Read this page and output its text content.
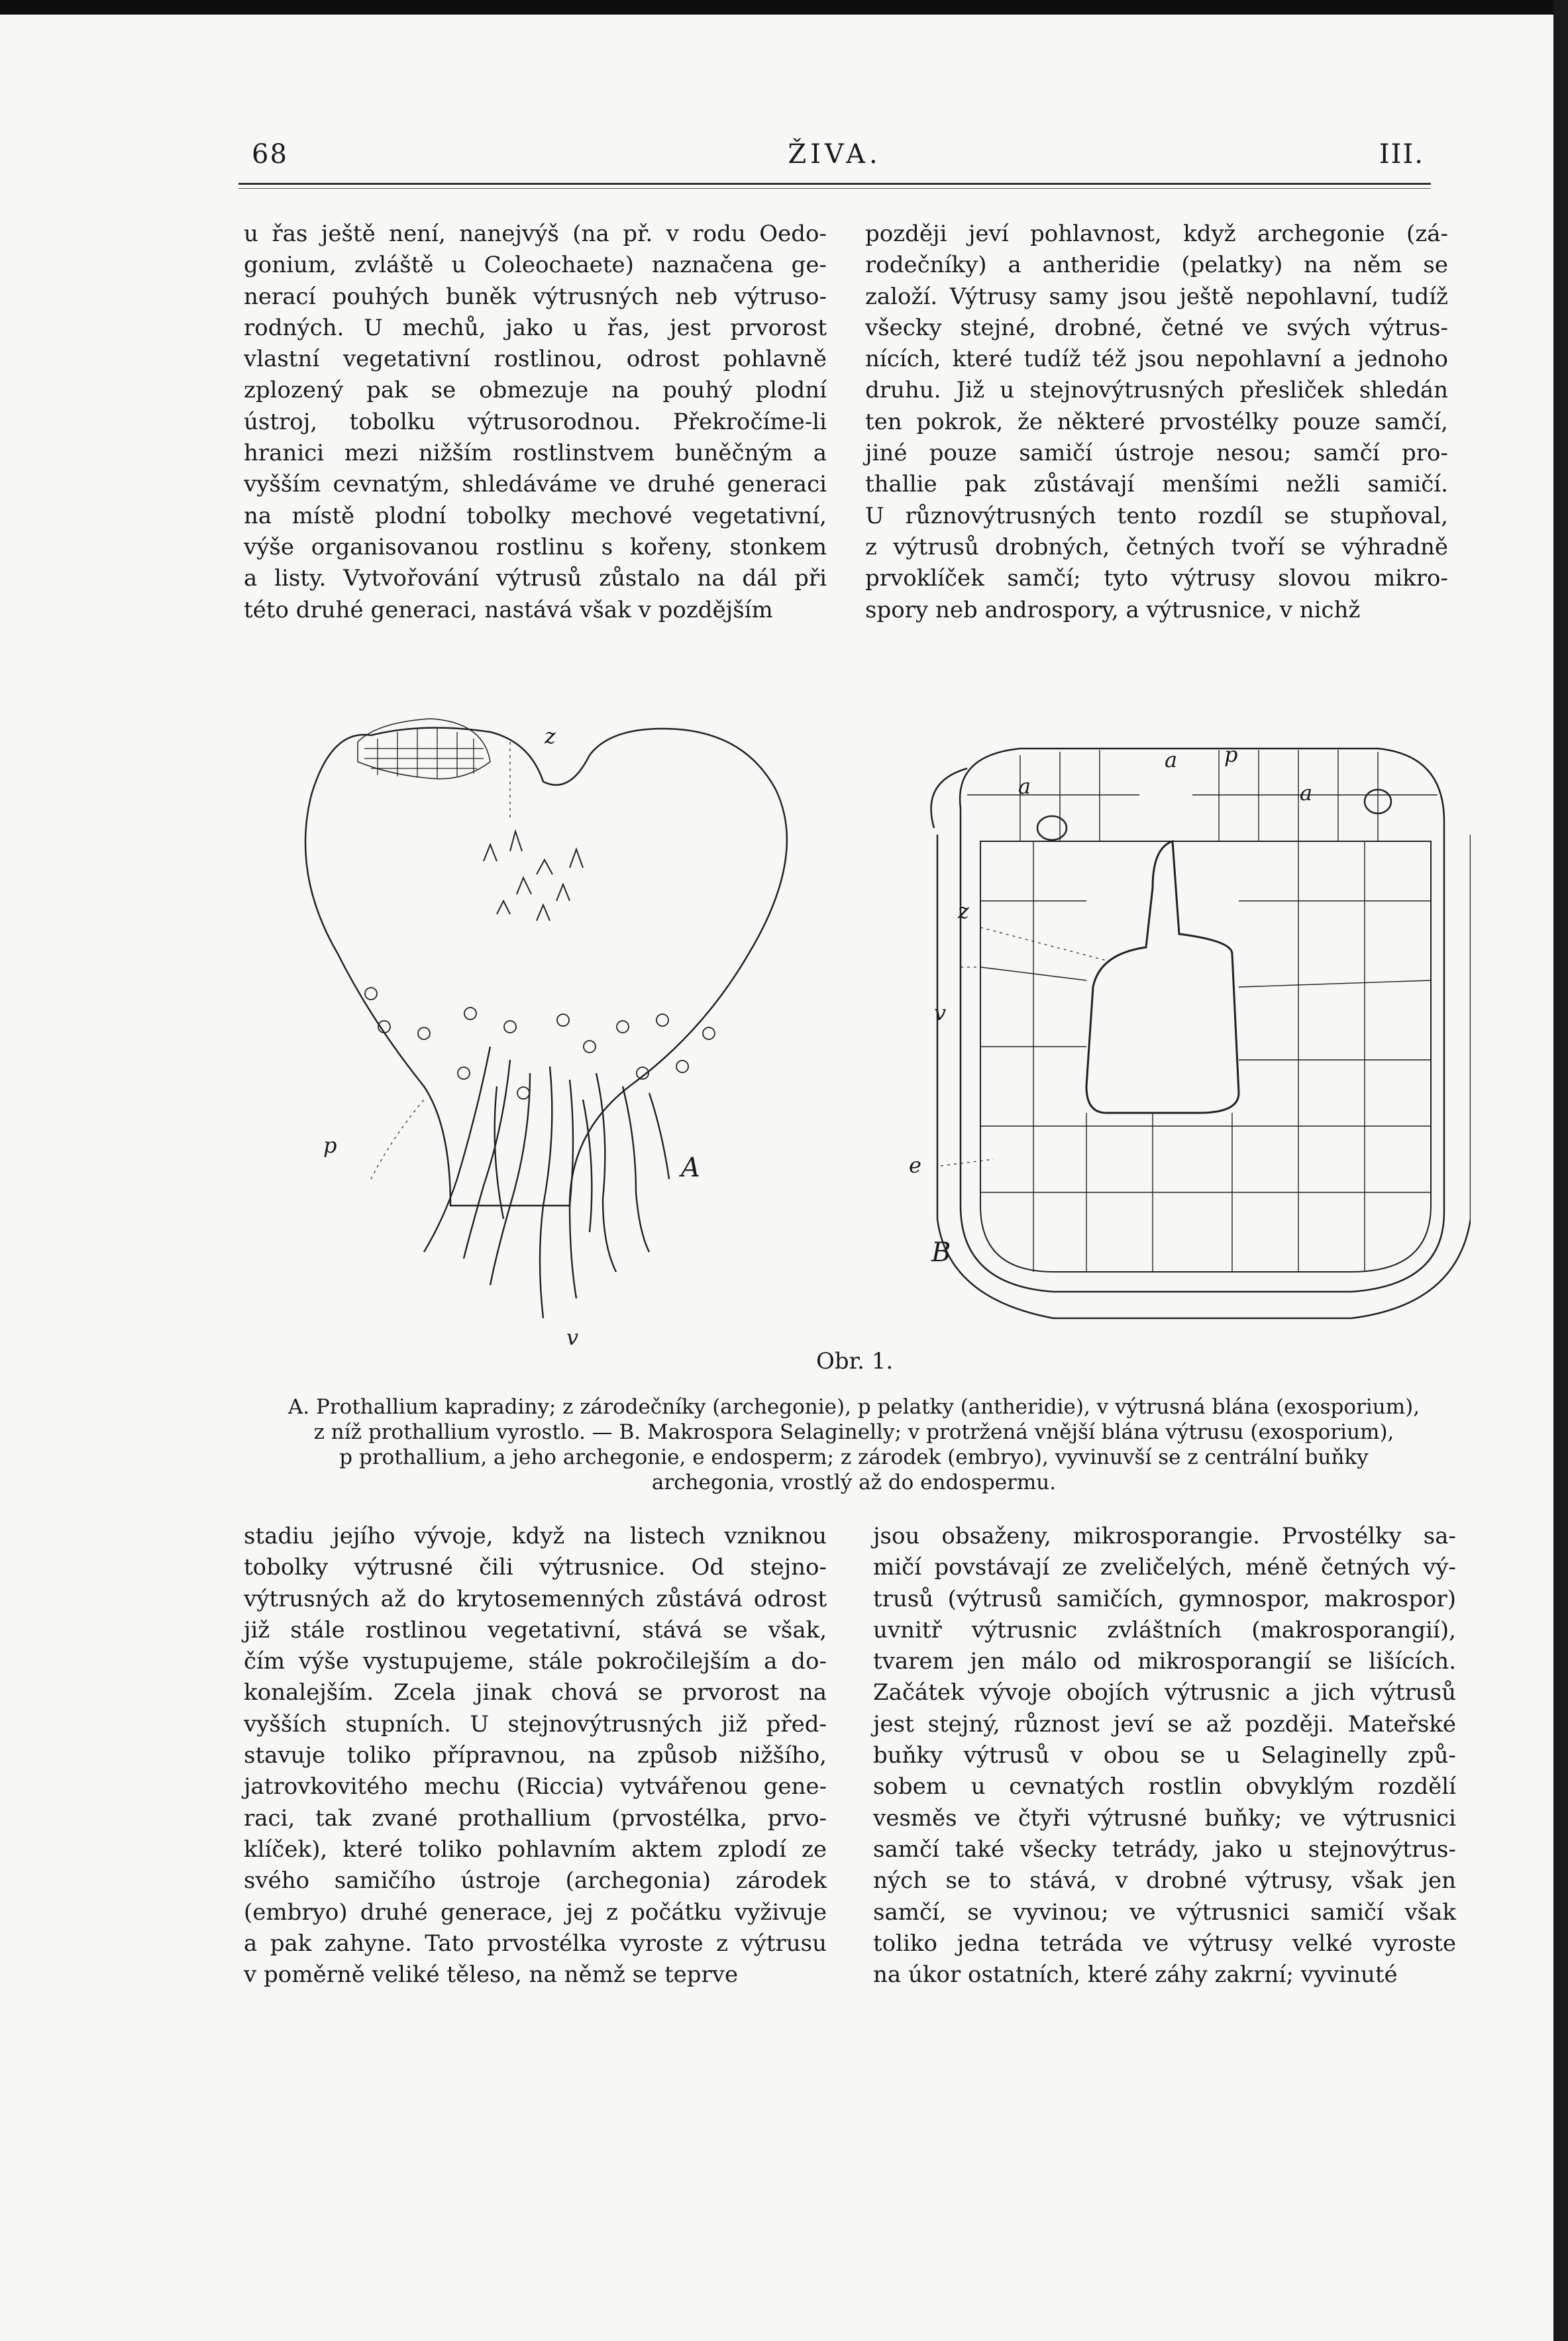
68	ŽIVA.	III.
u řas ještě není, nanejvýš (na př. v rodu Oedo-
gonium, zvláště u Coleochaete) naznačena ge-
nerací pouhých buněk výtrusných neb výtruso-
rodných. U mechů, jako u řas, jest prvorost
vlastní vegetativní rostlinou, odrost pohlavně
zplozený pak se obmezuje na pouhý plodní
ústroj, tobolku výtrusorodnou. Překročíme-li
hranici mezi nižším rostlinstvem buněčným a
vyšším cevnatým, shledáváme ve druhé generaci
na místě plodní tobolky mechové vegetativní,
výše organisovanou rostlinu s kořeny, stonkem
a listy. Vytvořování výtrusů zůstalo na dál při
této druhé generaci, nastává však v pozdějším
později jeví pohlavnost, když archegonie (zá-
rodečníky) a antheridie (pelatky) na něm se
založí. Výtrusy samy jsou ještě nepohlavní, tudíž
všecky stejné, drobné, četné ve svých výtrus-
nících, které tudíž též jsou nepohlavní a jednoho
druhu. Již u stejnovýtrusných přesliček shledán
ten pokrok, že některé prvostélky pouze samčí,
jiné pouze samičí ústroje nesou; samčí pro-
thallie pak zůstávají menšími nežli samičí.
U různovýtrusných tento rozdíl se stupňoval,
z výtrusů drobných, četných tvoří se výhradně
prvoklíček samčí; tyto výtrusy slovou mikro-
spory neb androspory, a výtrusnice, v nichž
A
B
z
v
p
a p
a	a
z
v
e
Obr. 1.
A. Prothallium kapradiny; z zárodečníky (archegonie), p pelatky (antheridie), v výtrusná blána (exosporium),
z níž prothallium vyrostlo. — B. Makrospora Selaginelly; v protržená vnější blána výtrusu (exosporium),
p prothallium, a jeho archegonie, e endosperm; z zárodek (embryo), vyvinuvší se z centrální buňky
archegonia, vrostlý až do endospermu.
stadiu jejího vývoje, když na listech vzniknou
tobolky výtrusné čili výtrusnice. Od stejno-
výtrusných až do krytosemenných zůstává odrost
již stále rostlinou vegetativní, stává se však,
čím výše vystupujeme, stále pokročilejším a do-
konalejším. Zcela jinak chová se prvorost na
vyšších stupních. U stejnovýtrusných již před-
stavuje toliko přípravnou, na způsob nižšího,
jatrovkovitého mechu (Riccia) vytvářenou gene-
raci, tak zvané prothallium (prvostélka, prvo-
klíček), které toliko pohlavním aktem zplodí ze
svého samičího ústroje (archegonia) zárodek
(embryo) druhé generace, jej z počátku vyživuje
a pak zahyne. Tato prvostélka vyroste z výtrusu
v poměrně veliké těleso, na němž se teprve
jsou obsaženy, mikrosporangie. Prvostélky sa-
mičí povstávají ze zveličelých, méně četných vý-
trusů (výtrusů samičích, gymnospor, makrospor)
uvnitř výtrusnic zvláštních (makrosporangií),
tvarem jen málo od mikrosporangií se lišících.
Začátek vývoje obojích výtrusnic a jich výtrusů
jest stejný, různost jeví se až později. Mateřské
buňky výtrusů v obou se u Selaginelly způ-
sobem u cevnatých rostlin obvyklým rozdělí
vesměs ve čtyři výtrusné buňky; ve výtrusnici
samčí také všecky tetrády, jako u stejnovýtrus-
ných se to stává, v drobné výtrusy, však jen
samčí, se vyvinou; ve výtrusnici samičí však
toliko jedna tetráda ve výtrusy velké vyroste
na úkor ostatních, které záhy zakrní; vyvinuté
